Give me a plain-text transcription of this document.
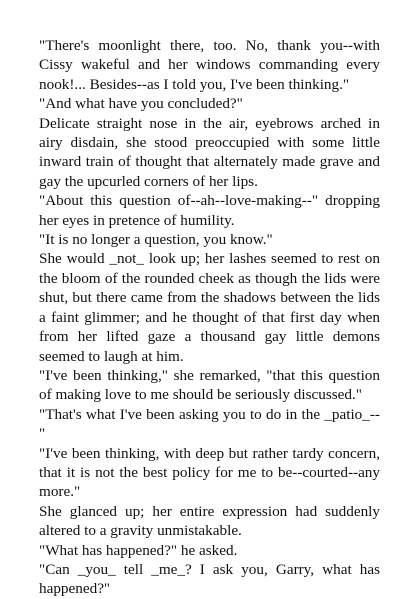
"There's moonlight there, too. No, thank you--with Cissy wakeful and her windows commanding every nook!... Besides--as I told you, I've been thinking."

"And what have you concluded?"

Delicate straight nose in the air, eyebrows arched in airy disdain, she stood preoccupied with some little inward train of thought that alternately made grave and gay the upcurled corners of her lips.

"About this question of--ah--love-making--" dropping her eyes in pretence of humility.

"It is no longer a question, you know."

She would _not_ look up; her lashes seemed to rest on the bloom of the rounded cheek as though the lids were shut, but there came from the shadows between the lids a faint glimmer; and he thought of that first day when from her lifted gaze a thousand gay little demons seemed to laugh at him.

"I've been thinking," she remarked, "that this question of making love to me should be seriously discussed."

"That's what I've been asking you to do in the _patio_--"

"I've been thinking, with deep but rather tardy concern, that it is not the best policy for me to be--courted--any more."

She glanced up; her entire expression had suddenly altered to a gravity unmistakable.

"What has happened?" he asked.

"Can _you_ tell _me_? I ask you, Garry, what has happened?"
